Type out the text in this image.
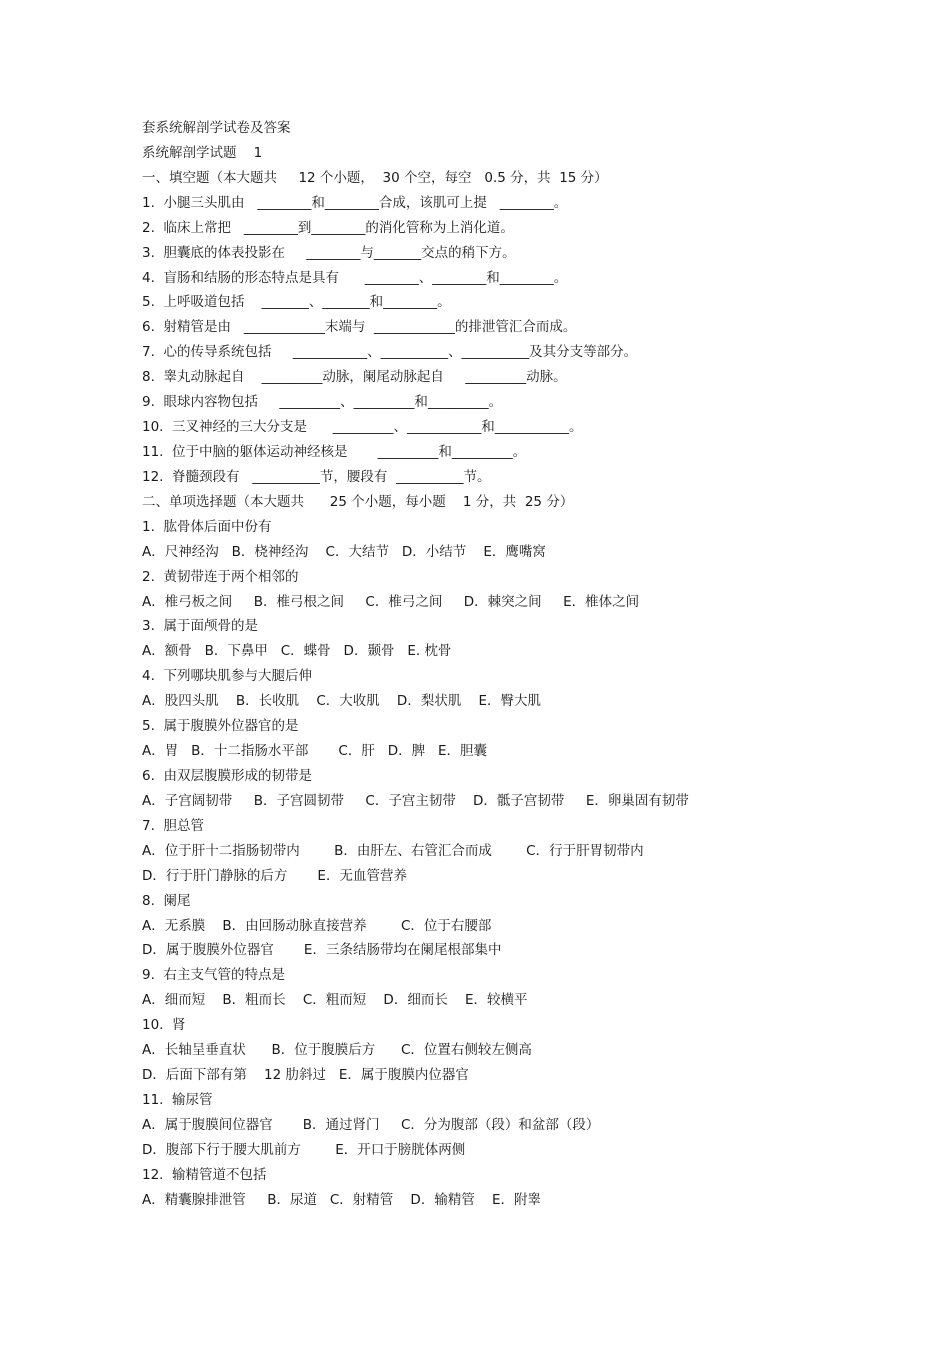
套系统解剖学试卷及答案
系统解剖学试题    1
一、填空题（本大题共     12 个小题，  30 个空，每空   0.5 分，共  15 分）
1.  小腿三头肌由   ________和________合成，该肌可上提   ________。
2.  临床上常把   ________到________的消化管称为上消化道。
3.  胆囊底的体表投影在     ________与_______交点的稍下方。
4.  盲肠和结肠的形态特点是具有      ________、________和________。
5.  上呼吸道包括    _______、_______和________。
6.  射精管是由   ____________末端与  ____________的排泄管汇合而成。
7.  心的传导系统包括     ___________、__________、__________及其分支等部分。
8.  睾丸动脉起自    _________动脉，阑尾动脉起自     _________动脉。
9.  眼球内容物包括     _________、_________和_________。
10.  三叉神经的三大分支是      _________、___________和___________。
11.  位于中脑的躯体运动神经核是       _________和_________。
12.  脊髓颈段有   __________节，腰段有  __________节。
二、单项选择题（本大题共      25 个小题，每小题    1 分，共  25 分）
1.  肱骨体后面中份有
A．尺神经沟   B．桡神经沟    C．大结节   D．小结节    E．鹰嘴窝
2.  黄韧带连于两个相邻的
A．椎弓板之间     B．椎弓根之间     C．椎弓之间     D．棘突之间     E．椎体之间
3.  属于面颅骨的是
A．额骨   B．下鼻甲   C．蝶骨   D．颞骨   E. 枕骨
4.  下列哪块肌参与大腿后伸
A．股四头肌    B．长收肌    C．大收肌    D．梨状肌    E．臀大肌
5.  属于腹膜外位器官的是
A．胃   B．十二指肠水平部       C．肝   D．脾   E．胆囊
6.  由双层腹膜形成的韧带是
A．子宫阔韧带     B．子宫圆韧带     C．子宫主韧带    D．骶子宫韧带     E．卵巢固有韧带
7.  胆总管
A．位于肝十二指肠韧带内        B．由肝左、右管汇合而成        C．行于肝胃韧带内
D．行于肝门静脉的后方       E．无血管营养
8.  阑尾
A．无系膜    B．由回肠动脉直接营养        C．位于右腰部
D．属于腹膜外位器官       E．三条结肠带均在阑尾根部集中
9.  右主支气管的特点是
A．细而短    B．粗而长    C．粗而短    D．细而长    E．较横平
10.  肾
A．长轴呈垂直状      B．位于腹膜后方      C．位置右侧较左侧高
D．后面下部有第    12 肋斜过   E．属于腹膜内位器官
11.  输尿管
A．属于腹膜间位器官       B．通过肾门     C．分为腹部（段）和盆部（段）
D．腹部下行于腰大肌前方        E．开口于膀胱体两侧
12.  输精管道不包括
A．精囊腺排泄管     B．尿道   C．射精管    D．输精管    E．附睾
